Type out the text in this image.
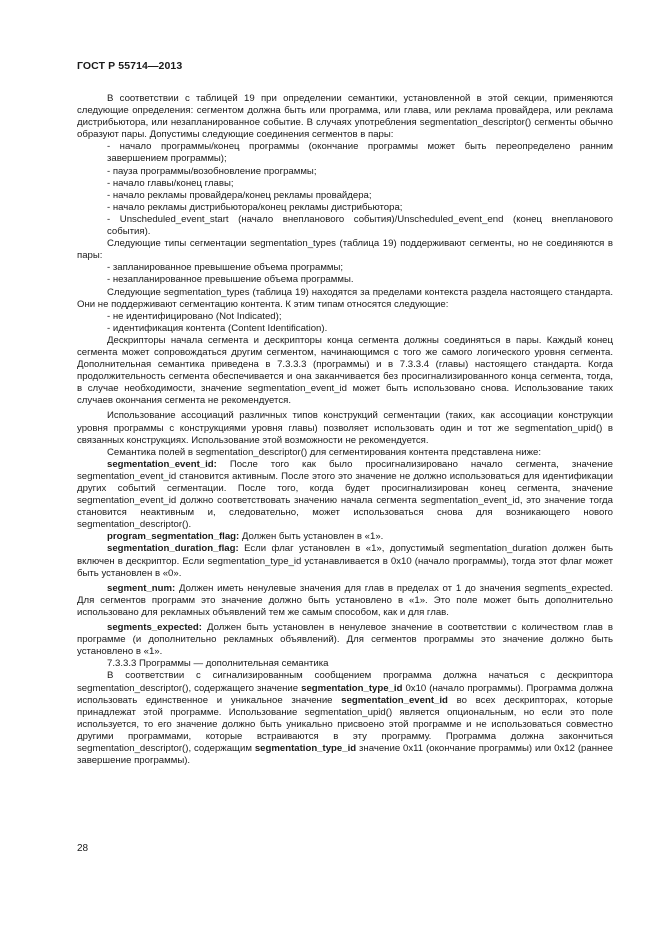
ГОСТ Р 55714—2013

В соответствии с таблицей 19 при определении семантики, установленной в этой секции, применяются следующие определения: сегментом должна быть или программа, или глава, или реклама провайдера, или реклама дистрибьютора, или незапланированное событие. В случаях употребления segmentation_descriptor() сегменты обычно образуют пары. Допустимы следующие соединения сегментов в пары:

- начало программы/конец программы (окончание программы может быть переопределено ранним завершением программы);

- пауза программы/возобновление программы;

- начало главы/конец главы;

- начало рекламы провайдера/конец рекламы провайдера;

- начало рекламы дистрибьютора/конец рекламы дистрибьютора;

- Unscheduled_event_start (начало внепланового события)/Unscheduled_event_end (конец внепланового события).

Следующие типы сегментации segmentation_types (таблица 19) поддерживают сегменты, но не соединяются в пары:

- запланированное превышение объема программы;

- незапланированное превышение объема программы.

Следующие segmentation_types (таблица 19) находятся за пределами контекста раздела настоящего стандарта. Они не поддерживают сегментацию контента. К этим типам относятся следующие:

- не идентифицировано (Not Indicated);

- идентификация контента (Content Identification).

Дескрипторы начала сегмента и дескрипторы конца сегмента должны соединяться в пары. Каждый конец сегмента может сопровождаться другим сегментом, начинающимся с того же самого логического уровня сегмента. Дополнительная семантика приведена в 7.3.3.3 (программы) и в 7.3.3.4 (главы) настоящего стандарта. Когда продолжительность сегмента обеспечивается и она заканчивается без просигнализированного конца сегмента, тогда, в случае необходимости, значение segmentation_event_id может быть использовано снова. Использование таких случаев окончания сегмента не рекомендуется.

Использование ассоциаций различных типов конструкций сегментации (таких, как ассоциации конструкции уровня программы с конструкциями уровня главы) позволяет использовать один и тот же segmentation_upid() в связанных конструкциях. Использование этой возможности не рекомендуется.

Семантика полей в segmentation_descriptor() для сегментирования контента представлена ниже:

segmentation_event_id: После того как было просигнализировано начало сегмента, значение segmentation_event_id становится активным. После этого это значение не должно использоваться для идентификации других событий сегментации. После того, когда будет просигнализирован конец сегмента, значение segmentation_event_id должно соответствовать значению начала сегмента segmentation_event_id, это значение тогда становится неактивным и, следовательно, может использоваться снова для возникающего нового segmentation_descriptor().

program_segmentation_flag: Должен быть установлен в «1».

segmentation_duration_flag: Если флаг установлен в «1», допустимый segmentation_duration должен быть включен в дескриптор. Если segmentation_type_id устанавливается в 0x10 (начало программы), тогда этот флаг может быть установлен в «0».

segment_num: Должен иметь ненулевые значения для глав в пределах от 1 до значения segments_expected. Для сегментов программ это значение должно быть установлено в «1». Это поле может быть дополнительно использовано для рекламных объявлений тем же самым способом, как и для глав.

segments_expected: Должен быть установлен в ненулевое значение в соответствии с количеством глав в программе (и дополнительно рекламных объявлений). Для сегментов программы это значение должно быть установлено в «1».

7.3.3.3 Программы — дополнительная семантика

В соответствии с сигнализированным сообщением программа должна начаться с дескриптора segmentation_descriptor(), содержащего значение segmentation_type_id 0x10 (начало программы). Программа должна использовать единственное и уникальное значение segmentation_event_id во всех дескрипторах, которые принадлежат этой программе. Использование segmentation_upid() является опциональным, но если это поле используется, то его значение должно быть уникально присвоено этой программе и не использоваться совместно другими программами, которые встраиваются в эту программу. Программа должна закончиться segmentation_descriptor(), содержащим segmentation_type_id значение 0x11 (окончание программы) или 0x12 (раннее завершение программы).

28
